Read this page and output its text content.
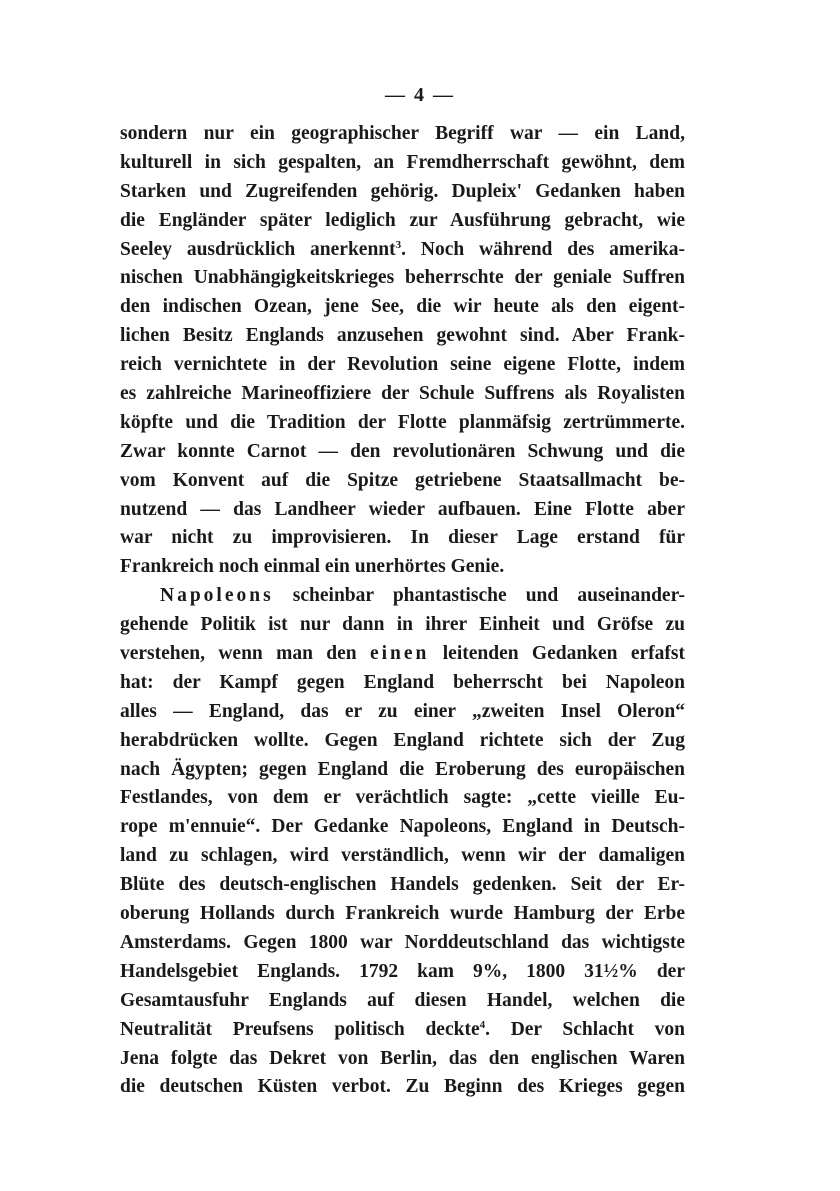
— 4 —
sondern nur ein geographischer Begriff war — ein Land,
kulturell in sich gespalten, an Fremdherrschaft gewöhnt, dem
Starken und Zugreifenden gehörig. Dupleix' Gedanken haben
die Engländer später lediglich zur Ausführung gebracht, wie
Seeley ausdrücklich anerkennt$^3$. Noch während des amerika-
nischen Unabhängigkeitskrieges beherrschte der geniale Suffren
den indischen Ozean, jene See, die wir heute als den eigent-
lichen Besitz Englands anzusehen gewohnt sind. Aber Frank-
reich vernichtete in der Revolution seine eigene Flotte, indem
es zahlreiche Marineoffiziere der Schule Suffrens als Royalisten
köpfte und die Tradition der Flotte planmäfsig zertrümmerte.
Zwar konnte Carnot — den revolutionären Schwung und die
vom Konvent auf die Spitze getriebene Staatsallmacht be-
nutzend — das Landheer wieder aufbauen. Eine Flotte aber
war nicht zu improvisieren. In dieser Lage erstand für
Frankreich noch einmal ein unerhörtes Genie.
Napoleons scheinbar phantastische und auseinander-
gehende Politik ist nur dann in ihrer Einheit und Gröfse zu
verstehen, wenn man den einen leitenden Gedanken erfafst
hat: der Kampf gegen England beherrscht bei Napoleon
alles — England, das er zu einer „zweiten Insel Oleron“
herabdrücken wollte. Gegen England richtete sich der Zug
nach Ägypten; gegen England die Eroberung des europäischen
Festlandes, von dem er verächtlich sagte: „cette vieille Eu-
rope m'ennuie“. Der Gedanke Napoleons, England in Deutsch-
land zu schlagen, wird verständlich, wenn wir der damaligen
Blüte des deutsch-englischen Handels gedenken. Seit der Er-
oberung Hollands durch Frankreich wurde Hamburg der Erbe
Amsterdams. Gegen 1800 war Norddeutschland das wichtigste
Handelsgebiet Englands. 1792 kam 9%, 1800 31½% der
Gesamtausfuhr Englands auf diesen Handel, welchen die
Neutralität Preufsens politisch deckte$^4$. Der Schlacht von
Jena folgte das Dekret von Berlin, das den englischen Waren
die deutschen Küsten verbot. Zu Beginn des Krieges gegen
